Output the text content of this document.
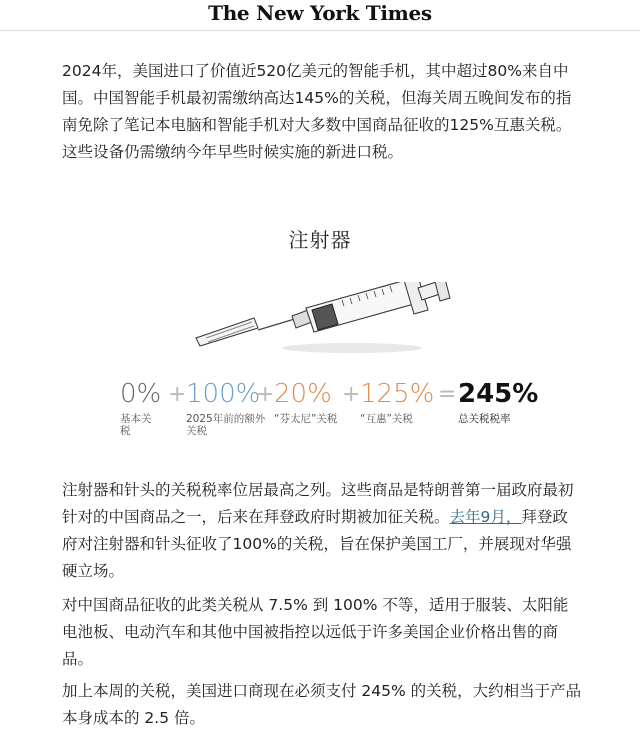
The New York Times

2024年，美国进口了价值近520亿美元的智能手机，其中超过80%来自中国。中国智能手机最初需缴纳高达145%的关税，但海关周五晚间发布的指南免除了笔记本电脑和智能手机对大多数中国商品征收的125%互惠关税。这些设备仍需缴纳今年早些时候实施的新进口税。

注射器
0%
基本关税
+ 100%
2025年前的额外关税
+ 20%
“芬太尼”关税
+ 125%
“互惠”关税
= 245%
总关税税率

注射器和针头的关税税率位居最高之列。这些商品是特朗普第一届政府最初针对的中国商品之一，后来在拜登政府时期被加征关税。去年9月，拜登政府对注射器和针头征收了100%的关税，旨在保护美国工厂，并展现对华强硬立场。

对中国商品征收的此类关税从 7.5% 到 100% 不等，适用于服装、太阳能电池板、电动汽车和其他中国被指控以远低于许多美国企业价格出售的商品。

加上本周的关税，美国进口商现在必须支付 245% 的关税，大约相当于产品本身成本的 2.5 倍。
